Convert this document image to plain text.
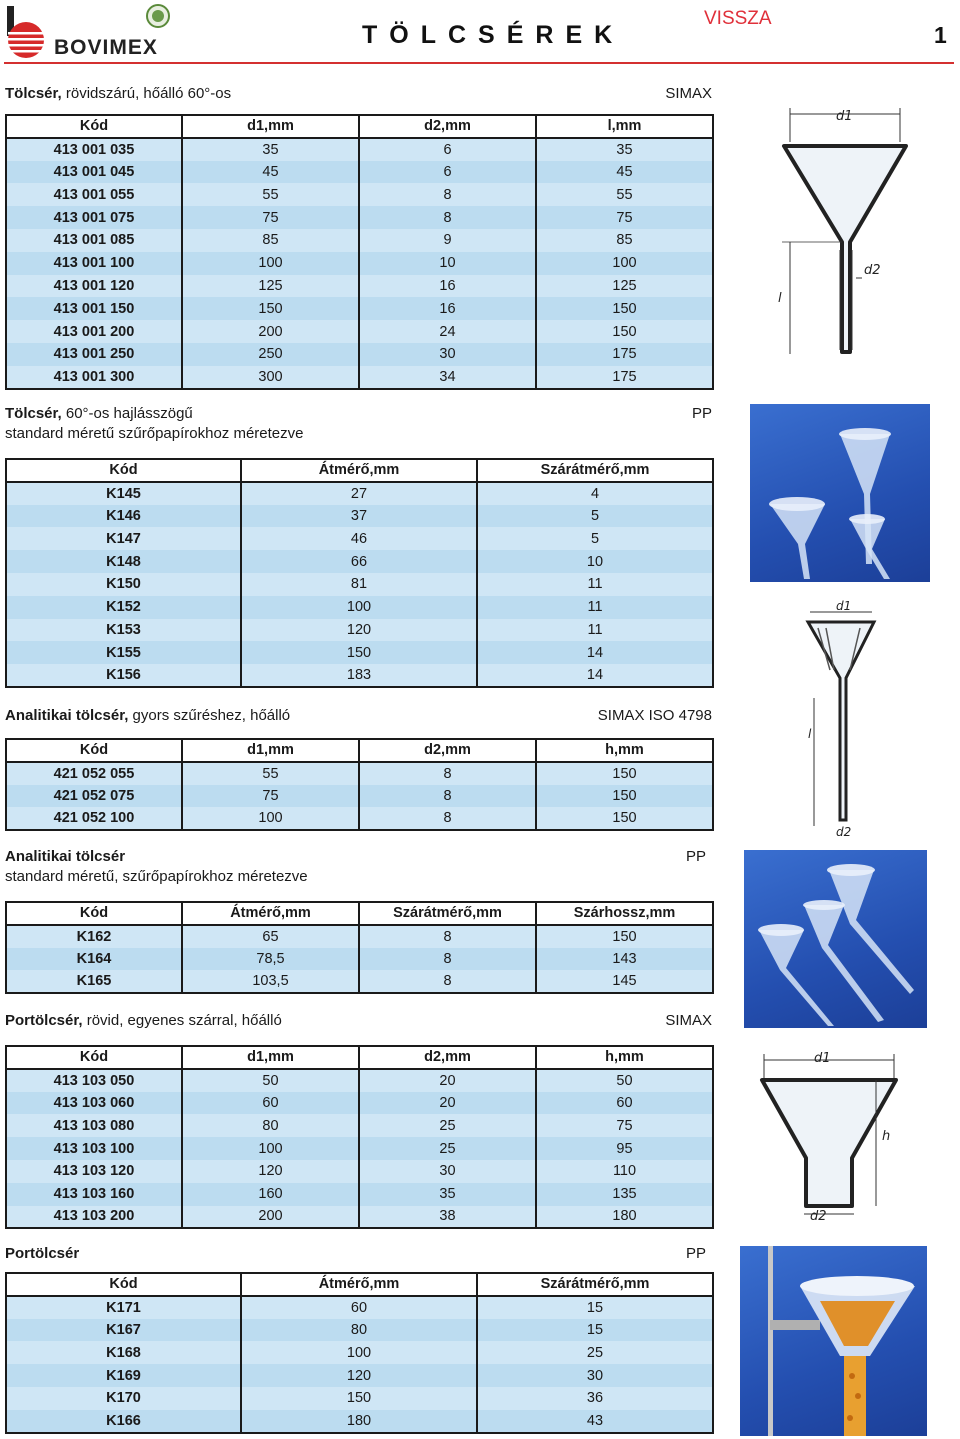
BOVIMEX	TÖLCSÉREK
VISSZA
1
Tölcsér, rövidszárú, hőálló 60°-os	SIMAX
Kód	d1,mm	d2,mm	l,mm
413 001 035	35	6	35
413 001 045	45	6	45
413 001 055	55	8	55
413 001 075	75	8	75
413 001 085	85	9	85
413 001 100	100	10	100
413 001 120	125	16	125
413 001 150	150	16	150
413 001 200	200	24	150
413 001 250	250	30	175
413 001 300	300	34	175
Tölcsér, 60°-os hajlásszögű
standard méretű szűrőpapírokhoz méretezve
PP
Kód	Átmérő,mm	Szárátmérő,mm
K145	27	4
K146	37	5
K147	46	5
K148	66	10
K150	81	11
K152	100	11
K153	120	11
K155	150	14
K156	183	14
Analitikai tölcsér, gyors szűréshez, hőálló	SIMAX ISO 4798
Kód	d1,mm	d2,mm	h,mm
421 052 055	55	8	150
421 052 075	75	8	150
421 052 100	100	8	150
Analitikai tölcsér
standard méretű, szűrőpapírokhoz méretezve
PP
Kód	Átmérő,mm	Szárátmérő,mm	Szárhossz,mm
K162	65	8	150
K164	78,5	8	143
K165	103,5	8	145
Portölcsér, rövid, egyenes szárral, hőálló	SIMAX
Kód	d1,mm	d2,mm	h,mm
413 103 050	50	20	50
413 103 060	60	20	60
413 103 080	80	25	75
413 103 100	100	25	95
413 103 120	120	30	110
413 103 160	160	35	135
413 103 200	200	38	180
Portölcsér	PP
Kód	Átmérő,mm	Szárátmérő,mm
K171	60	15
K167	80	15
K168	100	25
K169	120	30
K170	150	36
K166	180	43
d1
d2
l
d1
d2
l
d1
h
d2
